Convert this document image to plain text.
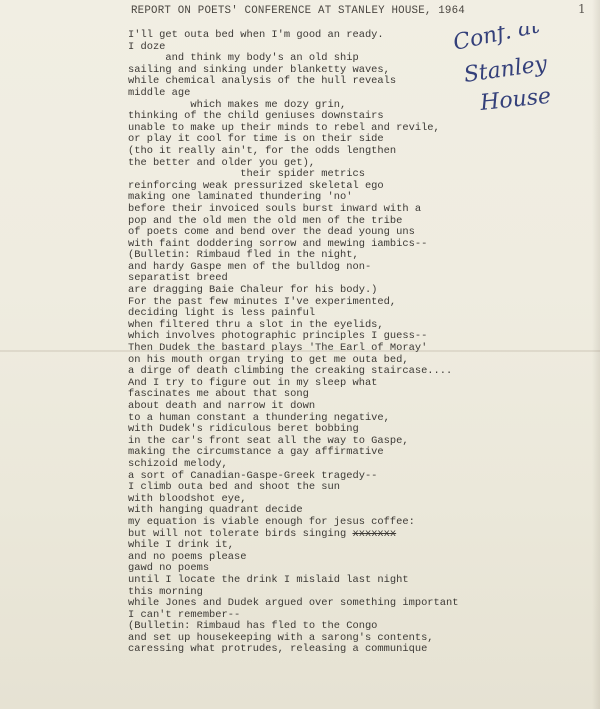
REPORT ON POETS' CONFERENCE AT STANLEY HOUSE, 1964	1
Conf. at
Stanley
House
I'll get outa bed when I'm good an ready.
I doze
and think my body's an old ship
sailing and sinking under blanketty waves,
while chemical analysis of the hull reveals
middle age
which makes me dozy grin,
thinking of the child geniuses downstairs
unable to make up their minds to rebel and revile,
or play it cool for time is on their side
(tho it really ain't, for the odds lengthen
the better and older you get),
their spider metrics
reinforcing weak pressurized skeletal ego
making one laminated thundering 'no'
before their invoiced souls burst inward with a
pop and the old men the old men of the tribe
of poets come and bend over the dead young uns
with faint doddering sorrow and mewing iambics--
(Bulletin: Rimbaud fled in the night,
and hardy Gaspe men of the bulldog non-
separatist breed
are dragging Baie Chaleur for his body.)
For the past few minutes I've experimented,
deciding light is less painful
when filtered thru a slot in the eyelids,
which involves photographic principles I guess--
Then Dudek the bastard plays 'The Earl of Moray'
on his mouth organ trying to get me outa bed,
a dirge of death climbing the creaking staircase....
And I try to figure out in my sleep what
fascinates me about that song
about death and narrow it down
to a human constant a thundering negative,
with Dudek's ridiculous beret bobbing
in the car's front seat all the way to Gaspe,
making the circumstance a gay affirmative
schizoid melody,
a sort of Canadian-Gaspe-Greek tragedy--
I climb outa bed and shoot the sun
with bloodshot eye,
with hanging quadrant decide
my equation is viable enough for jesus coffee:
but will not tolerate birds singing xxxxxxx
while I drink it,
and no poems please
gawd no poems
until I locate the drink I mislaid last night
this morning
while Jones and Dudek argued over something important
I can't remember--
(Bulletin: Rimbaud has fled to the Congo
and set up housekeeping with a sarong's contents,
caressing what protrudes, releasing a communique
